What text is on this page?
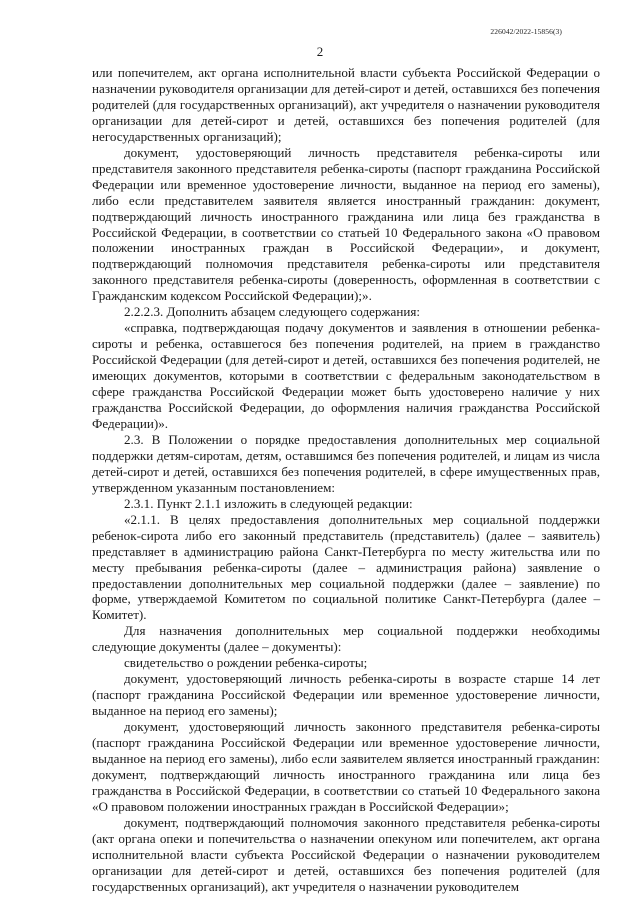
226042/2022-15856(3)
2

или попечителем, акт органа исполнительной власти субъекта Российской Федерации о назначении руководителя организации для детей-сирот и детей, оставшихся без попечения родителей (для государственных организаций), акт учредителя о назначении руководителя организации для детей-сирот и детей, оставшихся без попечения родителей (для негосударственных организаций);

документ, удостоверяющий личность представителя ребенка-сироты или представителя законного представителя ребенка-сироты (паспорт гражданина Российской Федерации или временное удостоверение личности, выданное на период его замены), либо если представителем заявителя является иностранный гражданин: документ, подтверждающий личность иностранного гражданина или лица без гражданства в Российской Федерации, в соответствии со статьей 10 Федерального закона «О правовом положении иностранных граждан в Российской Федерации», и документ, подтверждающий полномочия представителя ребенка-сироты или представителя законного представителя ребенка-сироты (доверенность, оформленная в соответствии с Гражданским кодексом Российской Федерации);».

2.2.2.3. Дополнить абзацем следующего содержания:

«справка, подтверждающая подачу документов и заявления в отношении ребенка-сироты и ребенка, оставшегося без попечения родителей, на прием в гражданство Российской Федерации (для детей-сирот и детей, оставшихся без попечения родителей, не имеющих документов, которыми в соответствии с федеральным законодательством в сфере гражданства Российской Федерации может быть удостоверено наличие у них гражданства Российской Федерации, до оформления наличия гражданства Российской Федерации)».

2.3. В Положении о порядке предоставления дополнительных мер социальной поддержки детям-сиротам, детям, оставшимся без попечения родителей, и лицам из числа детей-сирот и детей, оставшихся без попечения родителей, в сфере имущественных прав, утвержденном указанным постановлением:

2.3.1. Пункт 2.1.1 изложить в следующей редакции:

«2.1.1. В целях предоставления дополнительных мер социальной поддержки ребенок-сирота либо его законный представитель (представитель) (далее – заявитель) представляет в администрацию района Санкт-Петербурга по месту жительства или по месту пребывания ребенка-сироты (далее – администрация района) заявление о предоставлении дополнительных мер социальной поддержки (далее – заявление) по форме, утверждаемой Комитетом по социальной политике Санкт-Петербурга (далее – Комитет).

Для назначения дополнительных мер социальной поддержки необходимы следующие документы (далее – документы):

свидетельство о рождении ребенка-сироты;

документ, удостоверяющий личность ребенка-сироты в возрасте старше 14 лет (паспорт гражданина Российской Федерации или временное удостоверение личности, выданное на период его замены);

документ, удостоверяющий личность законного представителя ребенка-сироты (паспорт гражданина Российской Федерации или временное удостоверение личности, выданное на период его замены), либо если заявителем является иностранный гражданин: документ, подтверждающий личность иностранного гражданина или лица без гражданства в Российской Федерации, в соответствии со статьей 10 Федерального закона «О правовом положении иностранных граждан в Российской Федерации»;

документ, подтверждающий полномочия законного представителя ребенка-сироты (акт органа опеки и попечительства о назначении опекуном или попечителем, акт органа исполнительной власти субъекта Российской Федерации о назначении руководителем организации для детей-сирот и детей, оставшихся без попечения родителей (для государственных организаций), акт учредителя о назначении руководителем
